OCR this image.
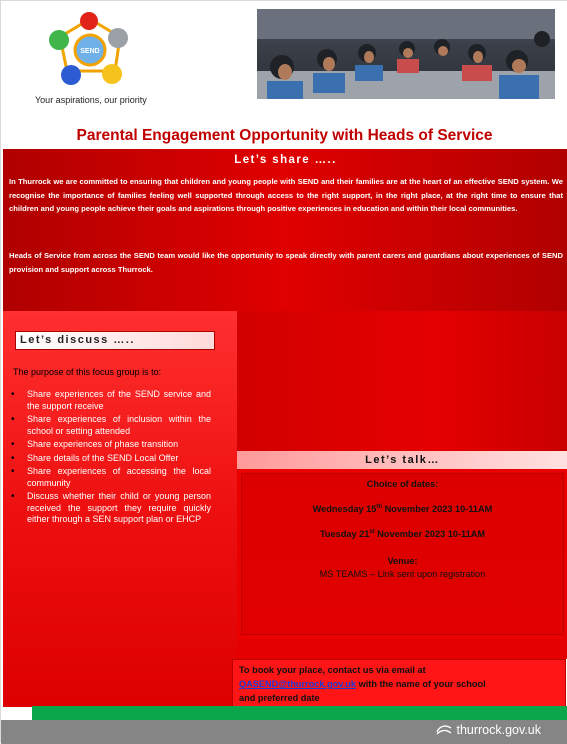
SEND
Your aspirations, our priority
Parental Engagement Opportunity with Heads of Service
Let’s share …..

In Thurrock we are committed to ensuring that children and young people with SEND and their families are at the heart of an effective SEND system. We recognise the importance of families feeling well supported through access to the right support, in the right place, at the right time to ensure that children and young people achieve their goals and aspirations through positive experiences in education and within their local communities.

Heads of Service from across the SEND team would like the opportunity to speak directly with parent carers and guardians about experiences of SEND provision and support across Thurrock.

Let’s discuss …..
The purpose of this focus group is to:
• Share experiences of the SEND service and the support receive
• Share experiences of inclusion within the school or setting attended
• Share experiences of phase transition
• Share details of the SEND Local Offer
• Share experiences of accessing the local community
• Discuss whether their child or young person received the support they require quickly either through a SEN support plan or EHCP
Let’s talk…
Choice of dates:
Wednesday 15th November 2023 10-11AM
Tuesday 21st November 2023 10-11AM
Venue:
MS TEAMS – Link sent upon registration

To book your place, contact us via email at

QASEND@thurrock.gov.uk with the name of your school

and preferred date

thurrock.gov.uk
